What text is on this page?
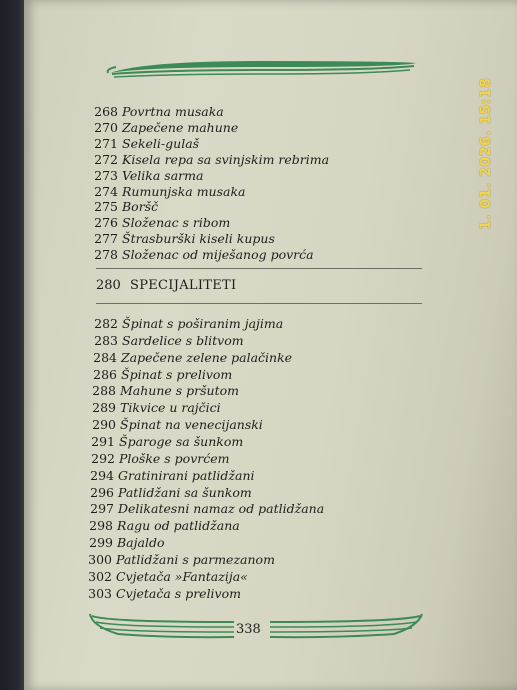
1. 01. 2026. 15:18
268 Povrtna musaka
270 Zapečene mahune
271 Sekeli-gulaš
272 Kisela repa sa svinjskim rebrima
273 Velika sarma
274 Rumunjska musaka
275 Boršč
276 Složenac s ribom
277 Štrasburški kiseli kupus
278 Složenac od miješanog povrća
280 SPECIJALITETI
282 Špinat s poširanim jajima
283 Sardelice s blitvom
284 Zapečene zelene palačinke
286 Špinat s prelivom
288 Mahune s pršutom
289 Tikvice u rajčici
290 Špinat na venecijanski
291 Šparoge sa šunkom
292 Ploške s povrćem
294 Gratinirani patlidžani
296 Patlidžani sa šunkom
297 Delikatesni namaz od patlidžana
298 Ragu od patlidžana
299 Bajaldo
300 Patlidžani s parmezanom
302 Cvjetača »Fantazija«
303 Cvjetača s prelivom
338
